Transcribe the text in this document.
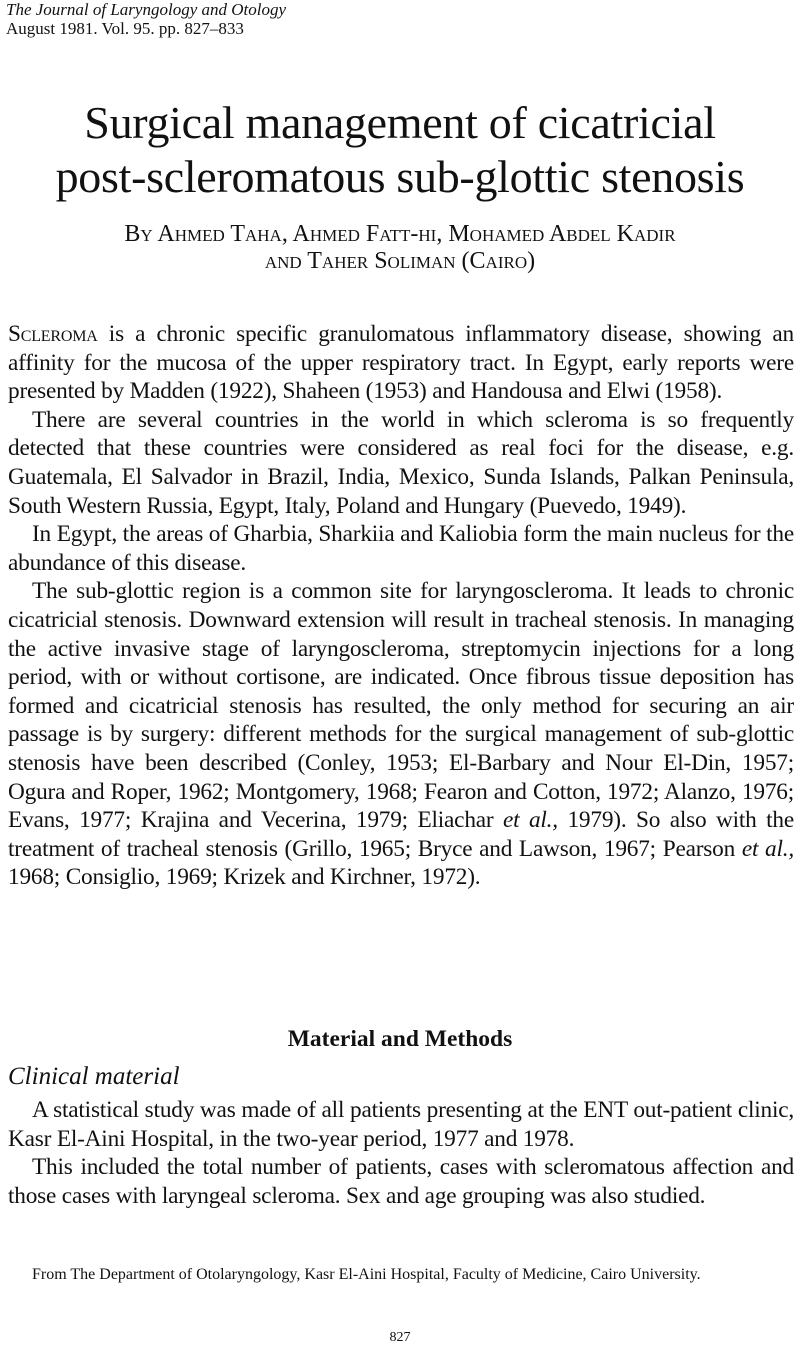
The Journal of Laryngology and Otology
August 1981. Vol. 95. pp. 827–833
Surgical management of cicatricial
post-scleromatous sub-glottic stenosis
By Ahmed Taha, Ahmed Fatt-hi, Mohamed Abdel Kadir
and Taher Soliman (Cairo)

Scleroma is a chronic specific granulomatous inflammatory disease, showing an affinity for the mucosa of the upper respiratory tract. In Egypt, early reports were presented by Madden (1922), Shaheen (1953) and Handousa and Elwi (1958).

There are several countries in the world in which scleroma is so frequently detected that these countries were considered as real foci for the disease, e.g. Guatemala, El Salvador in Brazil, India, Mexico, Sunda Islands, Palkan Peninsula, South Western Russia, Egypt, Italy, Poland and Hungary (Puevedo, 1949).

In Egypt, the areas of Gharbia, Sharkiia and Kaliobia form the main nucleus for the abundance of this disease.

The sub-glottic region is a common site for laryngoscleroma. It leads to chronic cicatricial stenosis. Downward extension will result in tracheal stenosis. In managing the active invasive stage of laryngoscleroma, streptomycin injections for a long period, with or without cortisone, are indicated. Once fibrous tissue deposition has formed and cicatricial stenosis has resulted, the only method for securing an air passage is by surgery: different methods for the surgical management of sub-glottic stenosis have been described (Conley, 1953; El-Barbary and Nour El-Din, 1957; Ogura and Roper, 1962; Montgomery, 1968; Fearon and Cotton, 1972; Alanzo, 1976; Evans, 1977; Krajina and Vecerina, 1979; Eliachar et al., 1979). So also with the treatment of tracheal stenosis (Grillo, 1965; Bryce and Lawson, 1967; Pearson et al., 1968; Consiglio, 1969; Krizek and Kirchner, 1972).

Material and Methods
Clinical material

A statistical study was made of all patients presenting at the ENT out-patient clinic, Kasr El-Aini Hospital, in the two-year period, 1977 and 1978.

This included the total number of patients, cases with scleromatous affection and those cases with laryngeal scleroma. Sex and age grouping was also studied.

From The Department of Otolaryngology, Kasr El-Aini Hospital, Faculty of Medicine, Cairo University.
827
